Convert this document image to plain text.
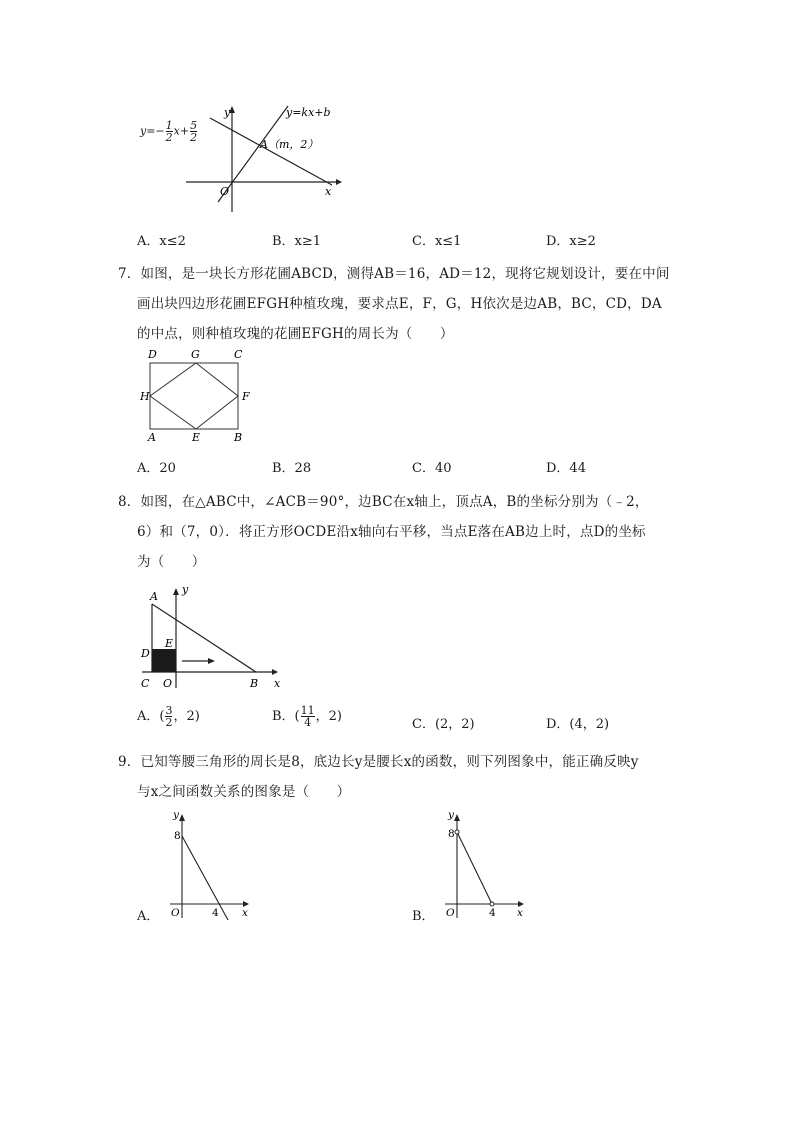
x
y
O
y=kx+b
A（m，2）
$y=- \frac{1}{2} x+ \frac{5}{2}$
A．x≤2	B．x≥1	C．x≤1	D．x≥2
7．如图，是一块长方形花圃ABCD，测得AB＝16，AD＝12，现将它规划设计，要在中间
画出块四边形花圃EFGH种植玫瑰，要求点E，F，G，H依次是边AB，BC，CD，DA
的中点，则种植玫瑰的花圃EFGH的周长为（　　）
D	G	C
H	F
A	E	B
A．20	B．28	C．40	D．44
8．如图，在△ABC中，∠ACB＝90°，边BC在x轴上，顶点A，B的坐标分别为（﹣2，
6）和（7，0）．将正方形OCDE沿x轴向右平移，当点E落在AB边上时，点D的坐标
为（　　）
A
y
E
D
C O	B x
A．( $\frac{3}{2}$ ，2)	B．( $\frac{11}{4}$ ，2)
C．(2，2)	D．(4，2)
9．已知等腰三角形的周长是8，底边长y是腰长x的函数，则下列图象中，能正确反映y
与x之间函数关系的图象是（　　）
A．
y
8
O	4 x	B．
y
8
O	4 x
